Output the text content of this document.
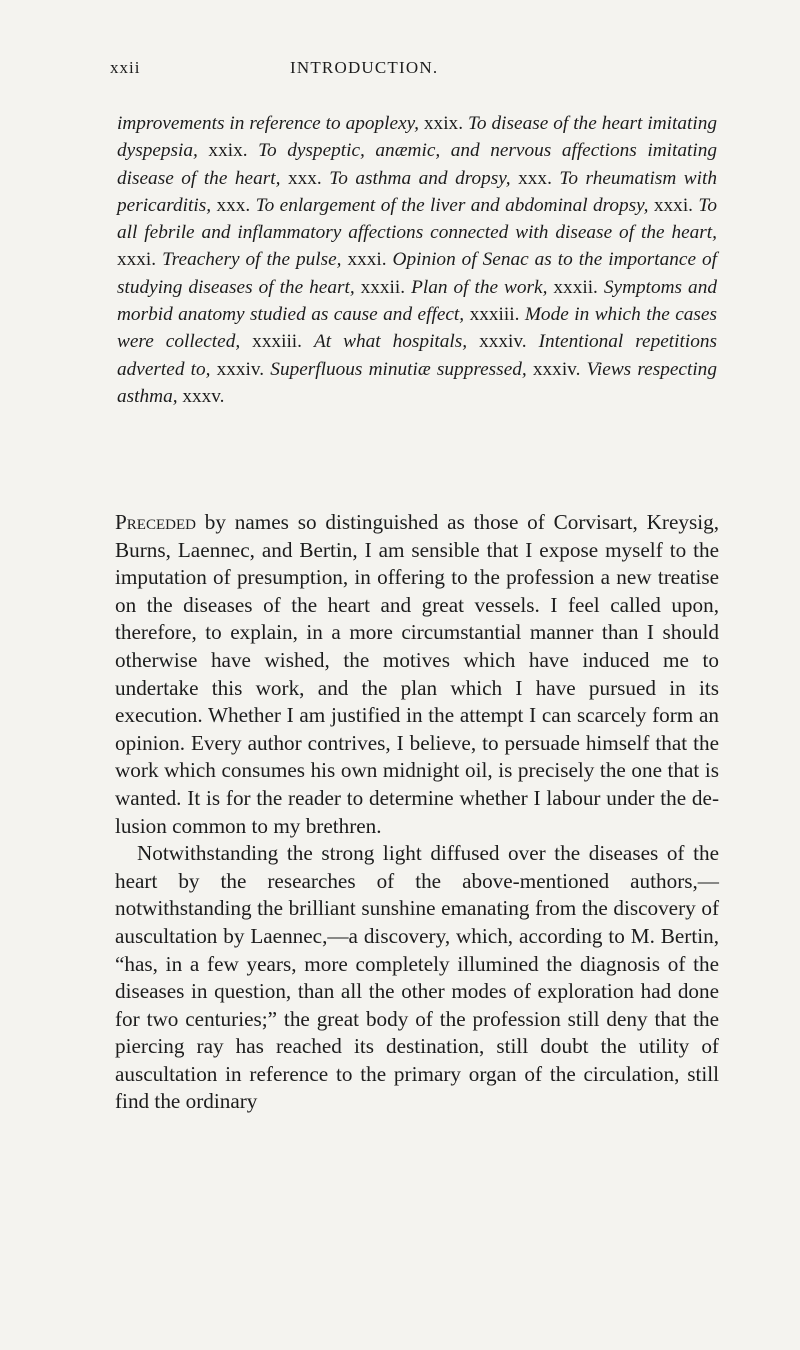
xxii	INTRODUCTION.
improvements in reference to apoplexy, xxix. To disease of the heart imitating dyspepsia, xxix. To dyspeptic, anæmic, and nervous affections imitating disease of the heart, xxx. To asthma and dropsy, xxx. To rheumatism with pericarditis, xxx. To enlargement of the liver and abdominal dropsy, xxxi. To all febrile and inflammatory affections connected with disease of the heart, xxxi. Treachery of the pulse, xxxi. Opinion of Senac as to the importance of studying diseases of the heart, xxxii. Plan of the work, xxxii. Symptoms and morbid anatomy studied as cause and effect, xxxiii. Mode in which the cases were collected, xxxiii. At what hospitals, xxxiv. Intentional repetitions adverted to, xxxiv. Superfluous minutiæ suppressed, xxxiv. Views respecting asthma, xxxv.

Preceded by names so distinguished as those of Corvisart, Kreysig, Burns, Laennec, and Bertin, I am sensible that I expose myself to the imputation of presumption, in offering to the profession a new treatise on the diseases of the heart and great vessels. I feel called upon, therefore, to explain, in a more circumstantial manner than I should otherwise have wished, the motives which have induced me to undertake this work, and the plan which I have pursued in its execution. Whether I am justified in the attempt I can scarcely form an opinion. Every author contrives, I believe, to persuade himself that the work which consumes his own midnight oil, is precisely the one that is wanted. It is for the reader to determine whether I labour under the delusion common to my brethren.

Notwithstanding the strong light diffused over the diseases of the heart by the researches of the above-mentioned authors,—notwithstanding the brilliant sunshine emanating from the discovery of auscultation by Laennec,—a discovery, which, according to M. Bertin, “has, in a few years, more completely illumined the diagnosis of the diseases in question, than all the other modes of exploration had done for two centuries;” the great body of the profession still deny that the piercing ray has reached its destination, still doubt the utility of auscultation in reference to the primary organ of the circulation, still find the ordinary
